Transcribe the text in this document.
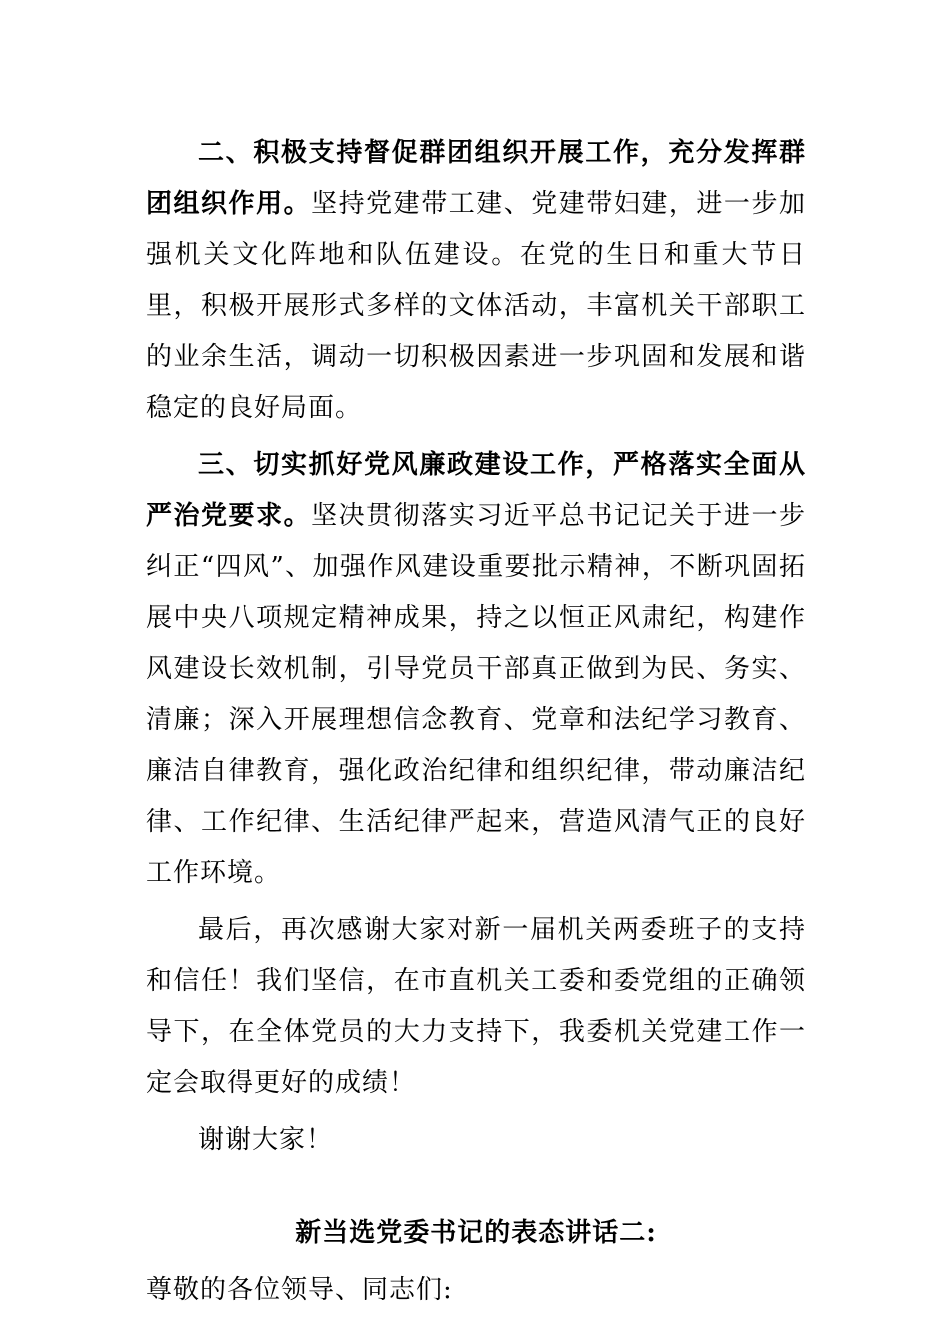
二、积极支持督促群团组织开展工作，充分发挥群团组织作用。坚持党建带工建、党建带妇建，进一步加强机关文化阵地和队伍建设。在党的生日和重大节日里，积极开展形式多样的文体活动，丰富机关干部职工的业余生活，调动一切积极因素进一步巩固和发展和谐稳定的良好局面。

三、切实抓好党风廉政建设工作，严格落实全面从严治党要求。坚决贯彻落实习近平总书记记关于进一步纠正“四风”、加强作风建设重要批示精神，不断巩固拓展中央八项规定精神成果，持之以恒正风肃纪，构建作风建设长效机制，引导党员干部真正做到为民、务实、清廉；深入开展理想信念教育、党章和法纪学习教育、廉洁自律教育，强化政治纪律和组织纪律，带动廉洁纪律、工作纪律、生活纪律严起来，营造风清气正的良好工作环境。

最后，再次感谢大家对新一届机关两委班子的支持和信任！我们坚信，在市直机关工委和委党组的正确领导下，在全体党员的大力支持下，我委机关党建工作一定会取得更好的成绩！

谢谢大家！

新当选党委书记的表态讲话二:

尊敬的各位领导、同志们:
